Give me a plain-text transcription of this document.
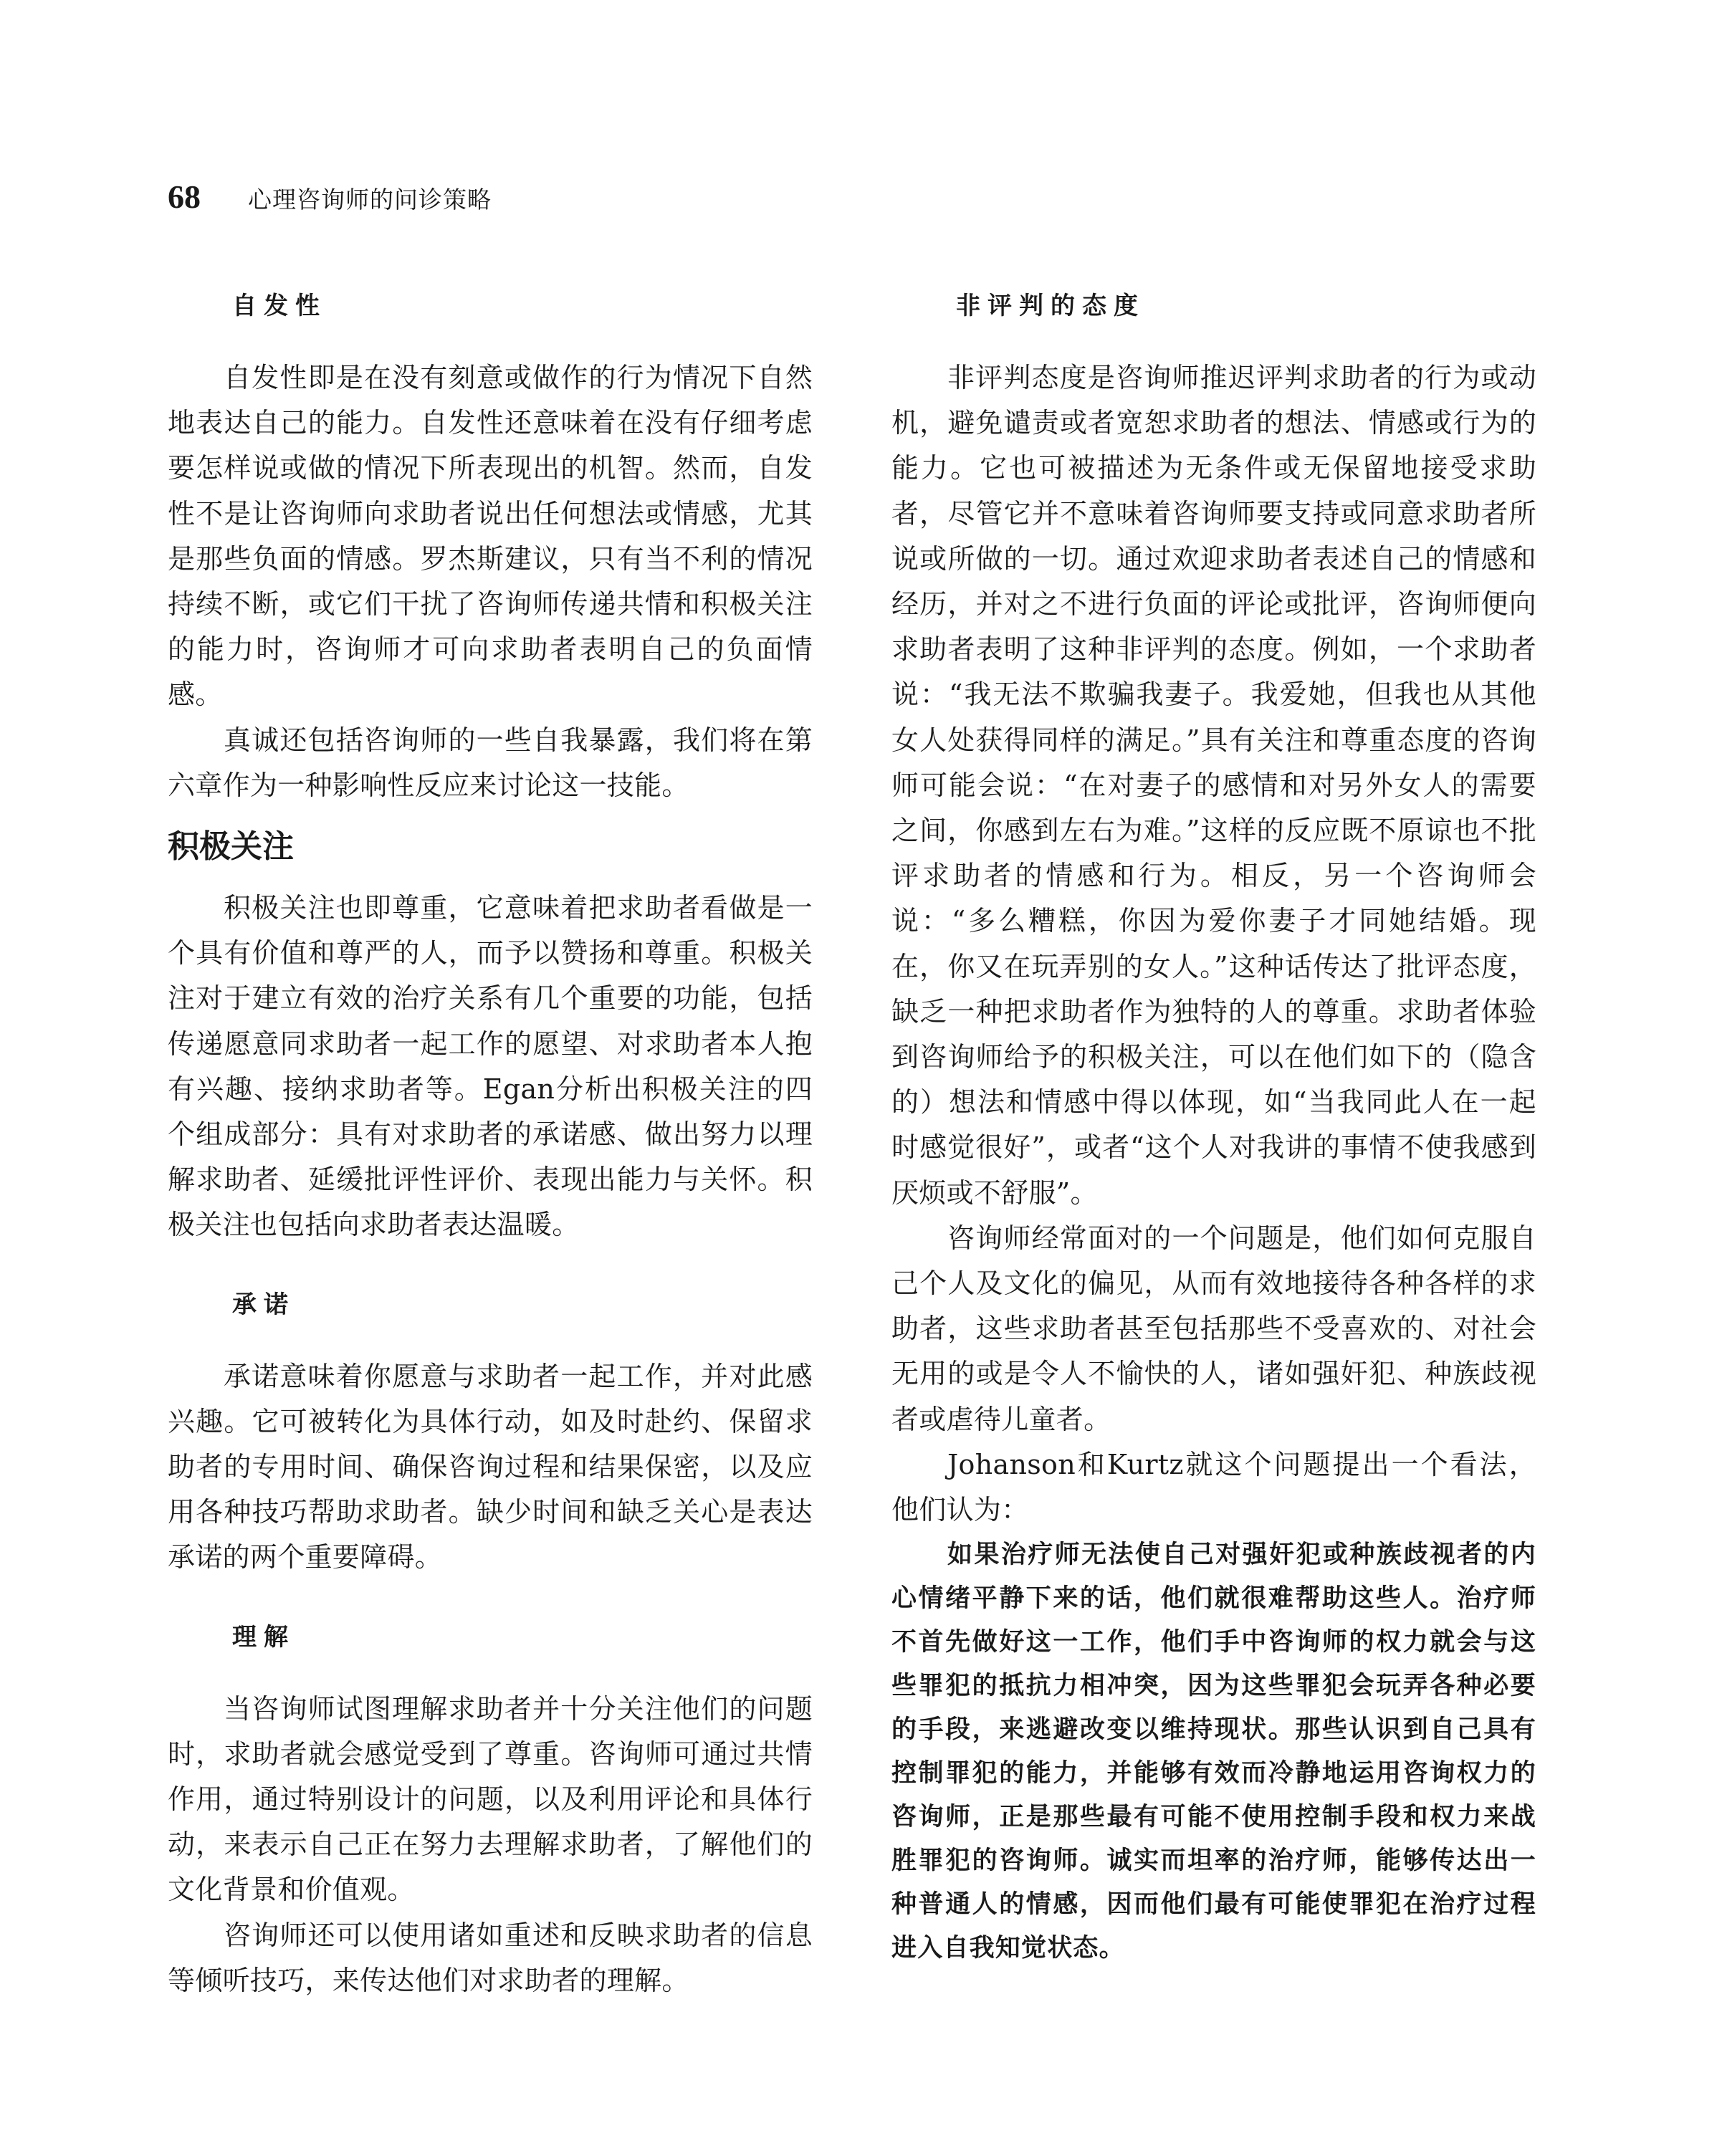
68 心理咨询师的问诊策略
自发性

自发性即是在没有刻意或做作的行为情况下自然地表达自己的能力。自发性还意味着在没有仔细考虑要怎样说或做的情况下所表现出的机智。然而，自发性不是让咨询师向求助者说出任何想法或情感，尤其是那些负面的情感。罗杰斯建议，只有当不利的情况持续不断，或它们干扰了咨询师传递共情和积极关注的能力时，咨询师才可向求助者表明自己的负面情感。

真诚还包括咨询师的一些自我暴露，我们将在第六章作为一种影响性反应来讨论这一技能。

积极关注

积极关注也即尊重，它意味着把求助者看做是一个具有价值和尊严的人，而予以赞扬和尊重。积极关注对于建立有效的治疗关系有几个重要的功能，包括传递愿意同求助者一起工作的愿望、对求助者本人抱有兴趣、接纳求助者等。Egan分析出积极关注的四个组成部分：具有对求助者的承诺感、做出努力以理解求助者、延缓批评性评价、表现出能力与关怀。积极关注也包括向求助者表达温暖。

承诺

承诺意味着你愿意与求助者一起工作，并对此感兴趣。它可被转化为具体行动，如及时赴约、保留求助者的专用时间、确保咨询过程和结果保密，以及应用各种技巧帮助求助者。缺少时间和缺乏关心是表达承诺的两个重要障碍。

理解

当咨询师试图理解求助者并十分关注他们的问题时，求助者就会感觉受到了尊重。咨询师可通过共情作用，通过特别设计的问题，以及利用评论和具体行动，来表示自己正在努力去理解求助者，了解他们的文化背景和价值观。

咨询师还可以使用诸如重述和反映求助者的信息等倾听技巧，来传达他们对求助者的理解。

非评判的态度

非评判态度是咨询师推迟评判求助者的行为或动机，避免谴责或者宽恕求助者的想法、情感或行为的能力。它也可被描述为无条件或无保留地接受求助者，尽管它并不意味着咨询师要支持或同意求助者所说或所做的一切。通过欢迎求助者表述自己的情感和经历，并对之不进行负面的评论或批评，咨询师便向求助者表明了这种非评判的态度。例如，一个求助者说：“我无法不欺骗我妻子。我爱她，但我也从其他女人处获得同样的满足。”具有关注和尊重态度的咨询师可能会说：“在对妻子的感情和对另外女人的需要之间，你感到左右为难。”这样的反应既不原谅也不批评求助者的情感和行为。相反，另一个咨询师会说：“多么糟糕，你因为爱你妻子才同她结婚。现在，你又在玩弄别的女人。”这种话传达了批评态度，缺乏一种把求助者作为独特的人的尊重。求助者体验到咨询师给予的积极关注，可以在他们如下的（隐含的）想法和情感中得以体现，如“当我同此人在一起时感觉很好”，或者“这个人对我讲的事情不使我感到厌烦或不舒服”。

咨询师经常面对的一个问题是，他们如何克服自己个人及文化的偏见，从而有效地接待各种各样的求助者，这些求助者甚至包括那些不受喜欢的、对社会无用的或是令人不愉快的人，诸如强奸犯、种族歧视者或虐待儿童者。

Johanson和Kurtz就这个问题提出一个看法，他们认为：

如果治疗师无法使自己对强奸犯或种族歧视者的内心情绪平静下来的话，他们就很难帮助这些人。治疗师不首先做好这一工作，他们手中咨询师的权力就会与这些罪犯的抵抗力相冲突，因为这些罪犯会玩弄各种必要的手段，来逃避改变以维持现状。那些认识到自己具有控制罪犯的能力，并能够有效而冷静地运用咨询权力的咨询师，正是那些最有可能不使用控制手段和权力来战胜罪犯的咨询师。诚实而坦率的治疗师，能够传达出一种普通人的情感，因而他们最有可能使罪犯在治疗过程进入自我知觉状态。
